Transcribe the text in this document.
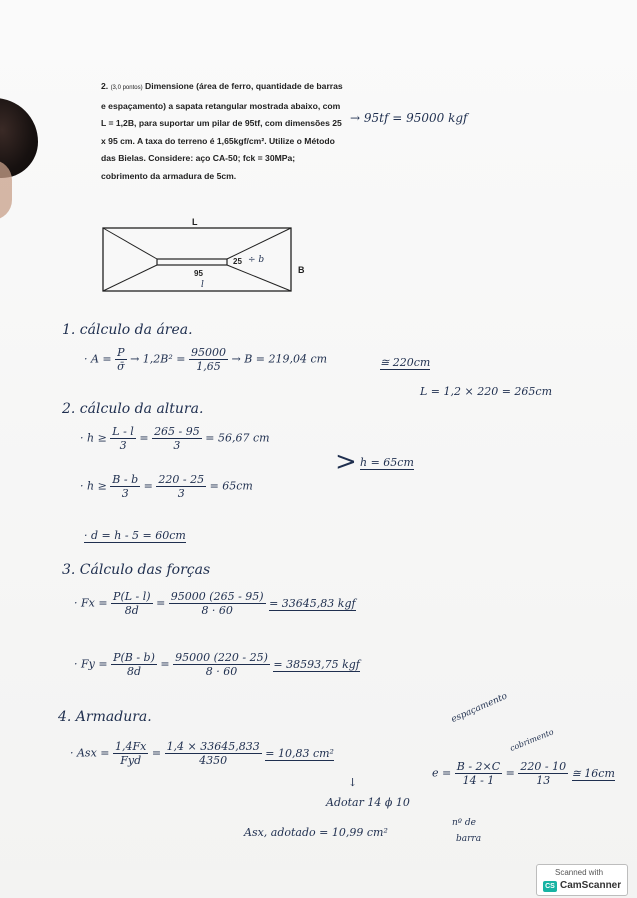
2. (3,0 pontos) Dimensione (área de ferro, quantidade de barras e espaçamento) a sapata retangular mostrada abaixo, com L = 1,2B, para suportar um pilar de 95tf, com dimensões 25 x 95 cm. A taxa do terreno é 1,65kgf/cm². Utilize o Método das Bielas. Considere: aço CA-50; fck = 30MPa; cobrimento da armadura de 5cm.
→ 95tf = 95000 kgf
L
B
25 ÷ b
95
l
1. cálculo da área.
· $A = \frac{P}{\sigmā} \to 1,2B^2 = \frac{95000}{1,65} \to B = 219,04$ cm	≅ 220cm
L = 1,2 × 220 = 265cm
2. cálculo da altura.
· $h \ge \frac{L - l}{3} = \frac{265 - 95}{3} = 56,67$ cm
· $h \ge \frac{B - b}{3} = \frac{220 - 25}{3} = 65cm$
> h = 65cm
· d = h - 5 = 60cm
3. Cálculo das forças
· $Fx = \frac{P(L - l)}{8d} = \frac{95000 (265 - 95)}{8 \cdot 60} = 33645,83$ kgf
· $Fy = \frac{P(B - b)}{8d} = \frac{95000 (220 - 25)}{8 \cdot 60} = 38593,75$ kgf
4. Armadura.
· Asx = $\frac{1,4Fx}{\text{Fyd}} = \frac{1,4 \times 33645,833}{4350} = 10,83$ cm²
↓
Adotar 14 ϕ 10
Asx, adotado = 10,99 cm²
espaçamento
cobrimento
$e = \frac{B - 2\times C}{14 - 1} = \frac{220 - 10}{13}$ ≅ 16cm
nº de
barra
Scanned with
CS CamScanner
